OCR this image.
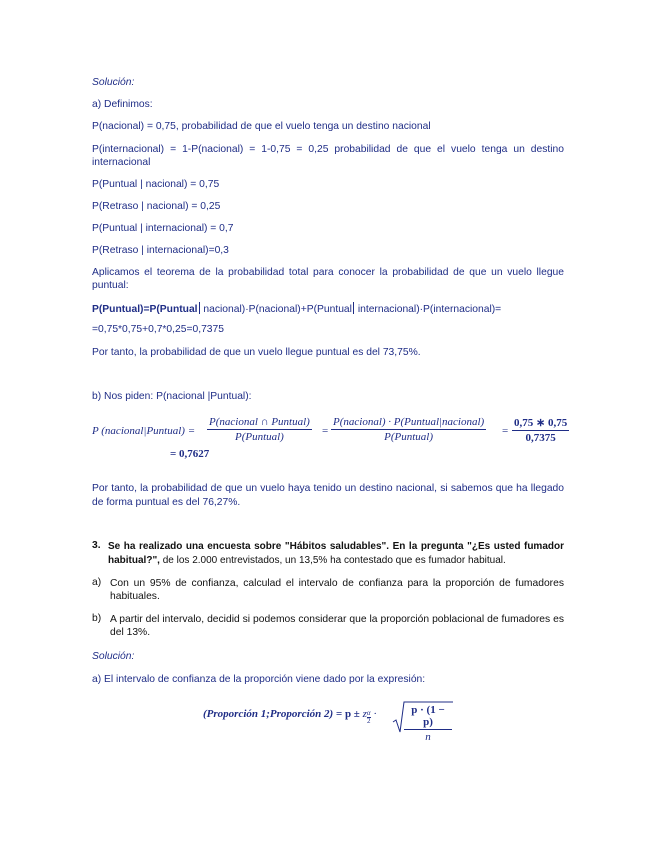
Solución:
a) Definimos:
P(nacional) = 0,75, probabilidad de que el vuelo tenga un destino nacional
P(internacional) = 1-P(nacional) = 1-0,75 = 0,25 probabilidad de que el vuelo tenga un destino internacional
P(Puntual | nacional) = 0,75
P(Retraso | nacional) = 0,25
P(Puntual | internacional) = 0,7
P(Retraso | internacional)=0,3
Aplicamos el teorema de la probabilidad total para conocer la probabilidad de que un vuelo llegue puntual:
P(Puntual)=P(Puntual nacional)·P(nacional)+P(Puntual internacional)·P(internacional)=
=0,75*0,75+0,7*0,25=0,7375
Por tanto, la probabilidad de que un vuelo llegue puntual es del 73,75%.
b) Nos piden: P(nacional |Puntual):
P (nacional|Puntual) =
P(nacional ∩ Puntual)
P(Puntual)	=
P(nacional) · P(Puntual|nacional)
P(Puntual)	= $\frac{0,75 ∗ 0,75}{0,7375}$
= 0,7627
Por tanto, la probabilidad de que un vuelo haya tenido un destino nacional, si sabemos que ha llegado de forma puntual es del 76,27%.
3. Se ha realizado una encuesta sobre "Hábitos saludables". En la pregunta "¿Es usted fumador habitual?", de los 2.000 entrevistados, un 13,5% ha contestado que es fumador habitual.
a) Con un 95% de confianza, calculad el intervalo de confianza para la proporción de fumadores habituales.
b) A partir del intervalo, decidid si podemos considerar que la proporción poblacional de fumadores es del 13%.
Solución:
a) El intervalo de confianza de la proporción viene dado por la expresión:
(Proporción 1;Proporción 2) = p ± z $\frac{\alpha}{2} \cdot \frac{p \cdot (1 - p)}{n}$
